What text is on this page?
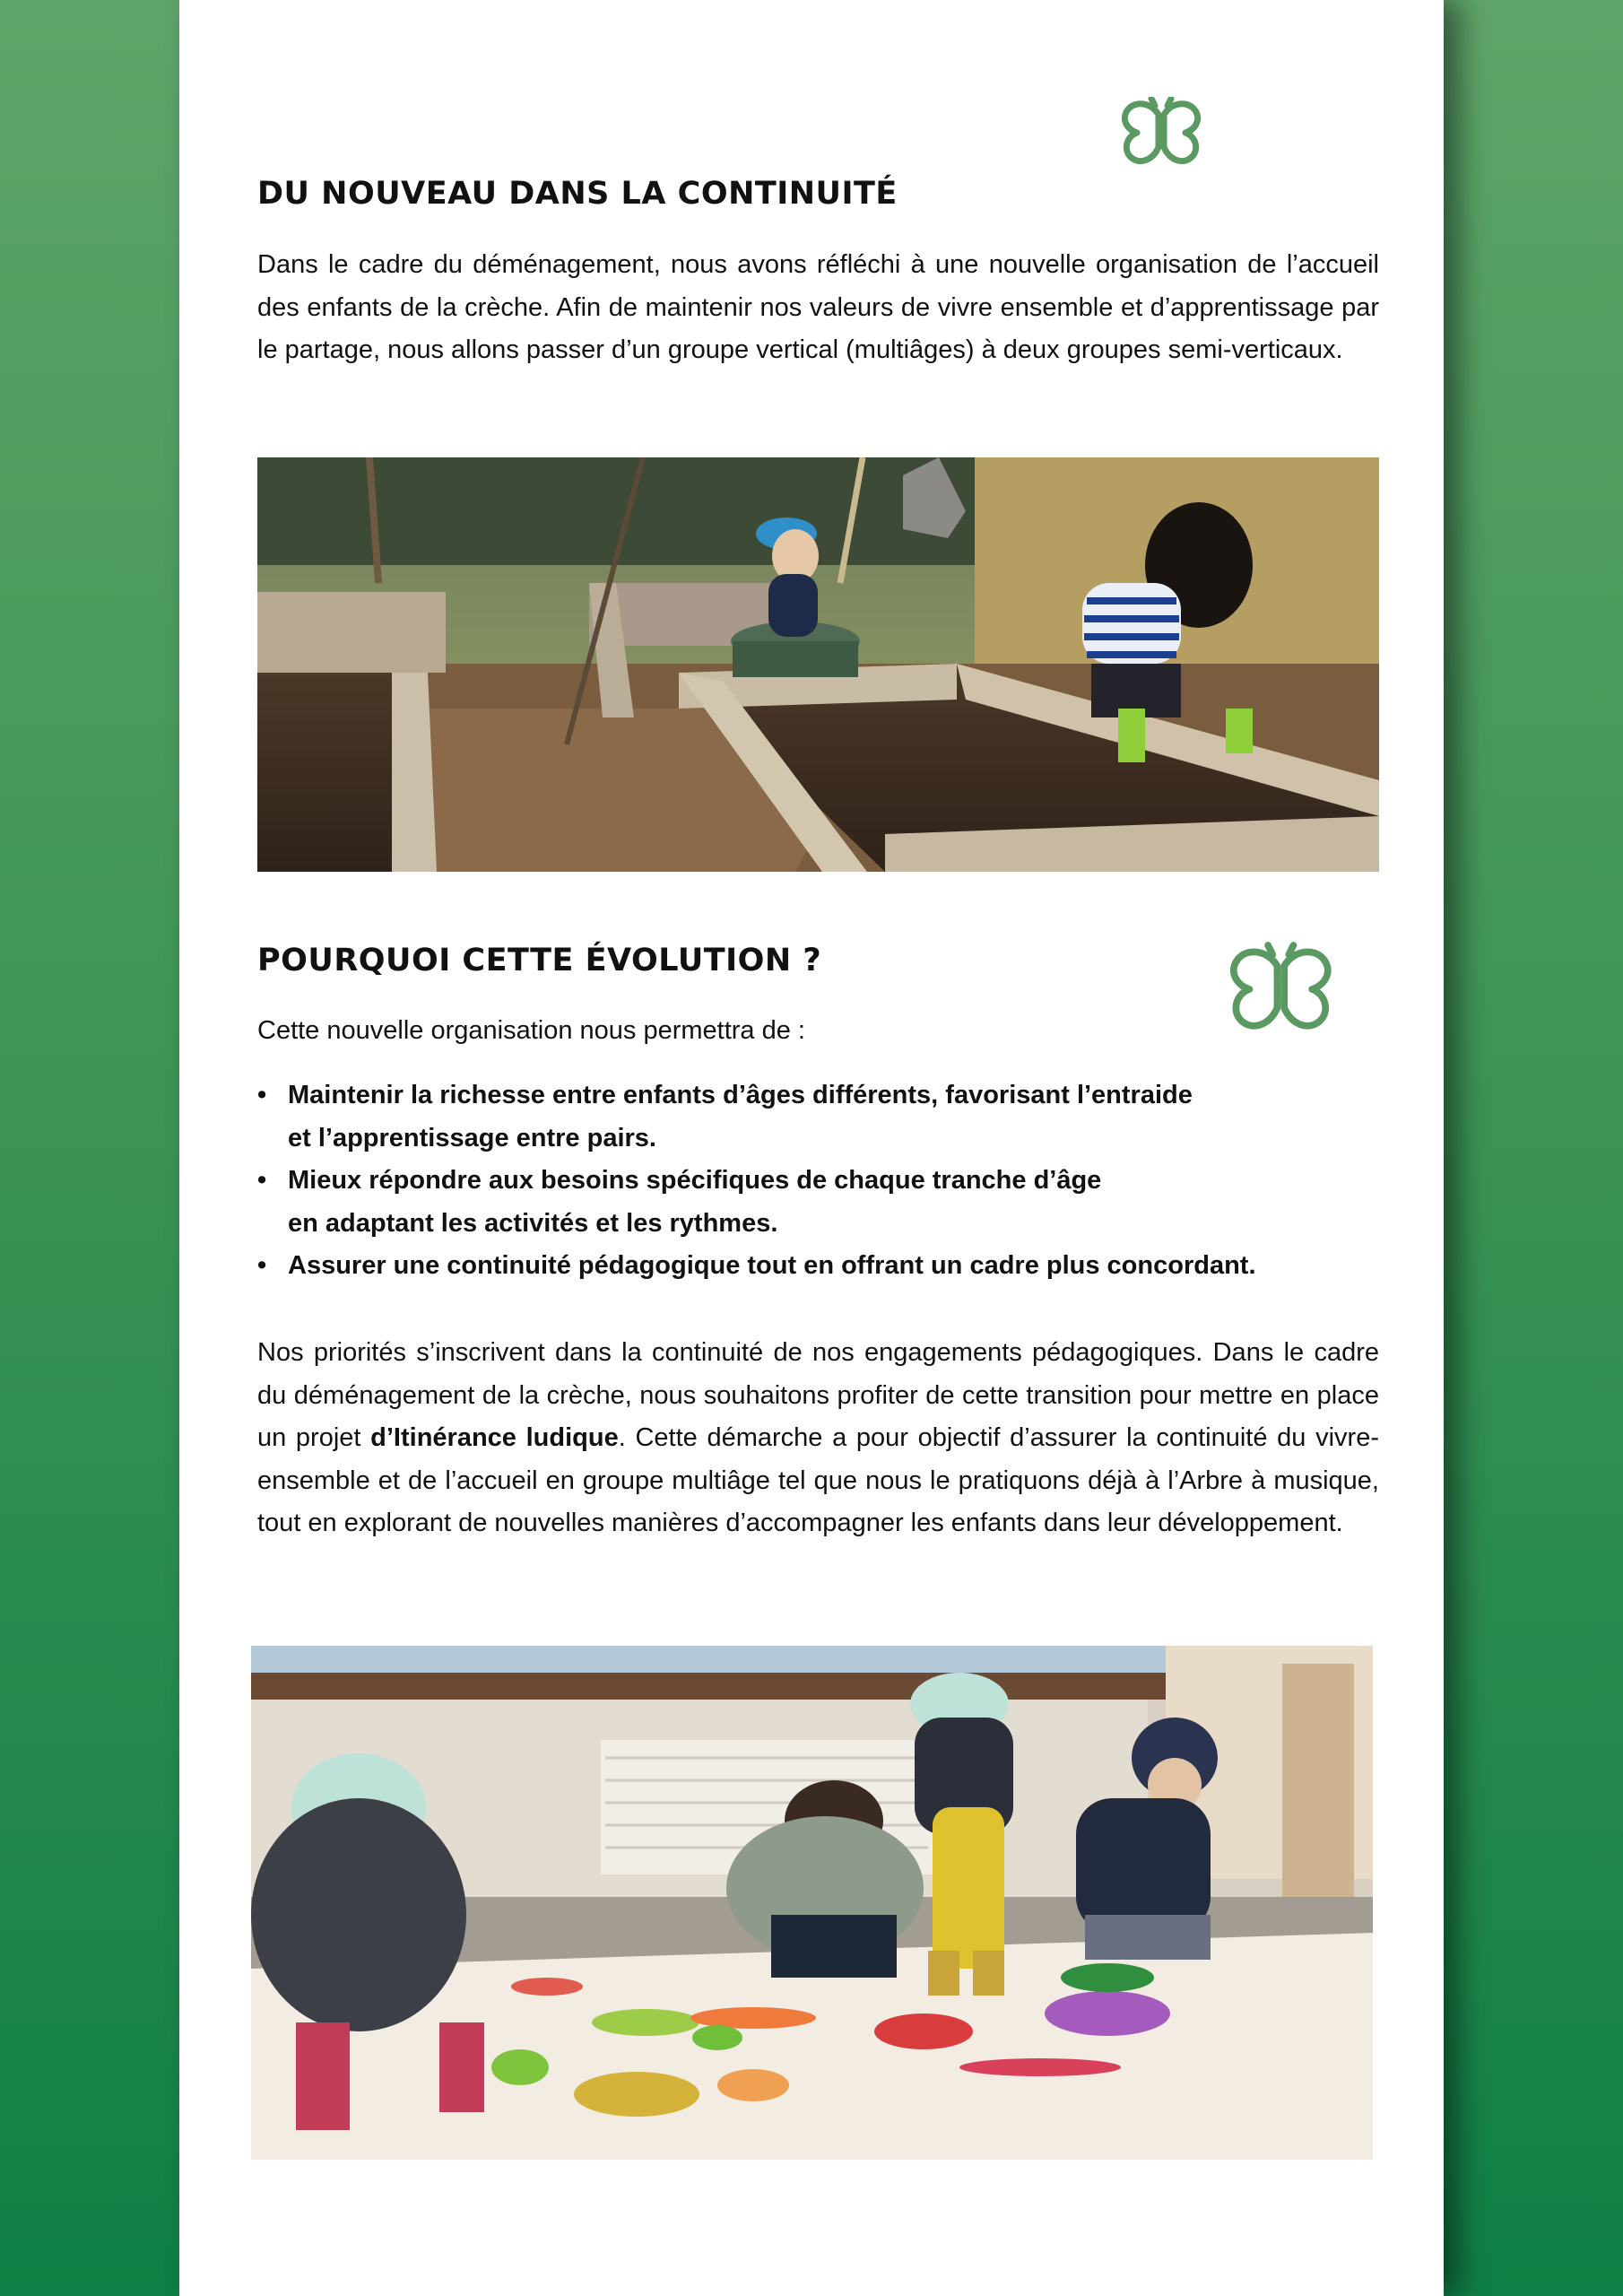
DU NOUVEAU DANS LA CONTINUITÉ

Dans le cadre du déménagement, nous avons réfléchi à une nouvelle organisation de l’accueil des enfants de la crèche. Afin de maintenir nos valeurs de vivre ensemble et d’apprentissage par le partage, nous allons passer d’un groupe vertical (multiâges) à deux groupes semi-verticaux.

POURQUOI CETTE ÉVOLUTION ?

Cette nouvelle organisation nous permettra de :

• Maintenir la richesse entre enfants d’âges différents, favorisant l’entraide
et l’apprentissage entre pairs.
• Mieux répondre aux besoins spécifiques de chaque tranche d’âge
en adaptant les activités et les rythmes.
• Assurer une continuité pédagogique tout en offrant un cadre plus concordant.

Nos priorités s’inscrivent dans la continuité de nos engagements pédagogiques. Dans le cadre du déménagement de la crèche, nous souhaitons profiter de cette transition pour mettre en place un projet d’Itinérance ludique. Cette démarche a pour objectif d’assurer la continuité du vivre-ensemble et de l’accueil en groupe multiâge tel que nous le pratiquons déjà à l’Arbre à musique, tout en explorant de nouvelles manières d’accompagner les enfants dans leur développement.
